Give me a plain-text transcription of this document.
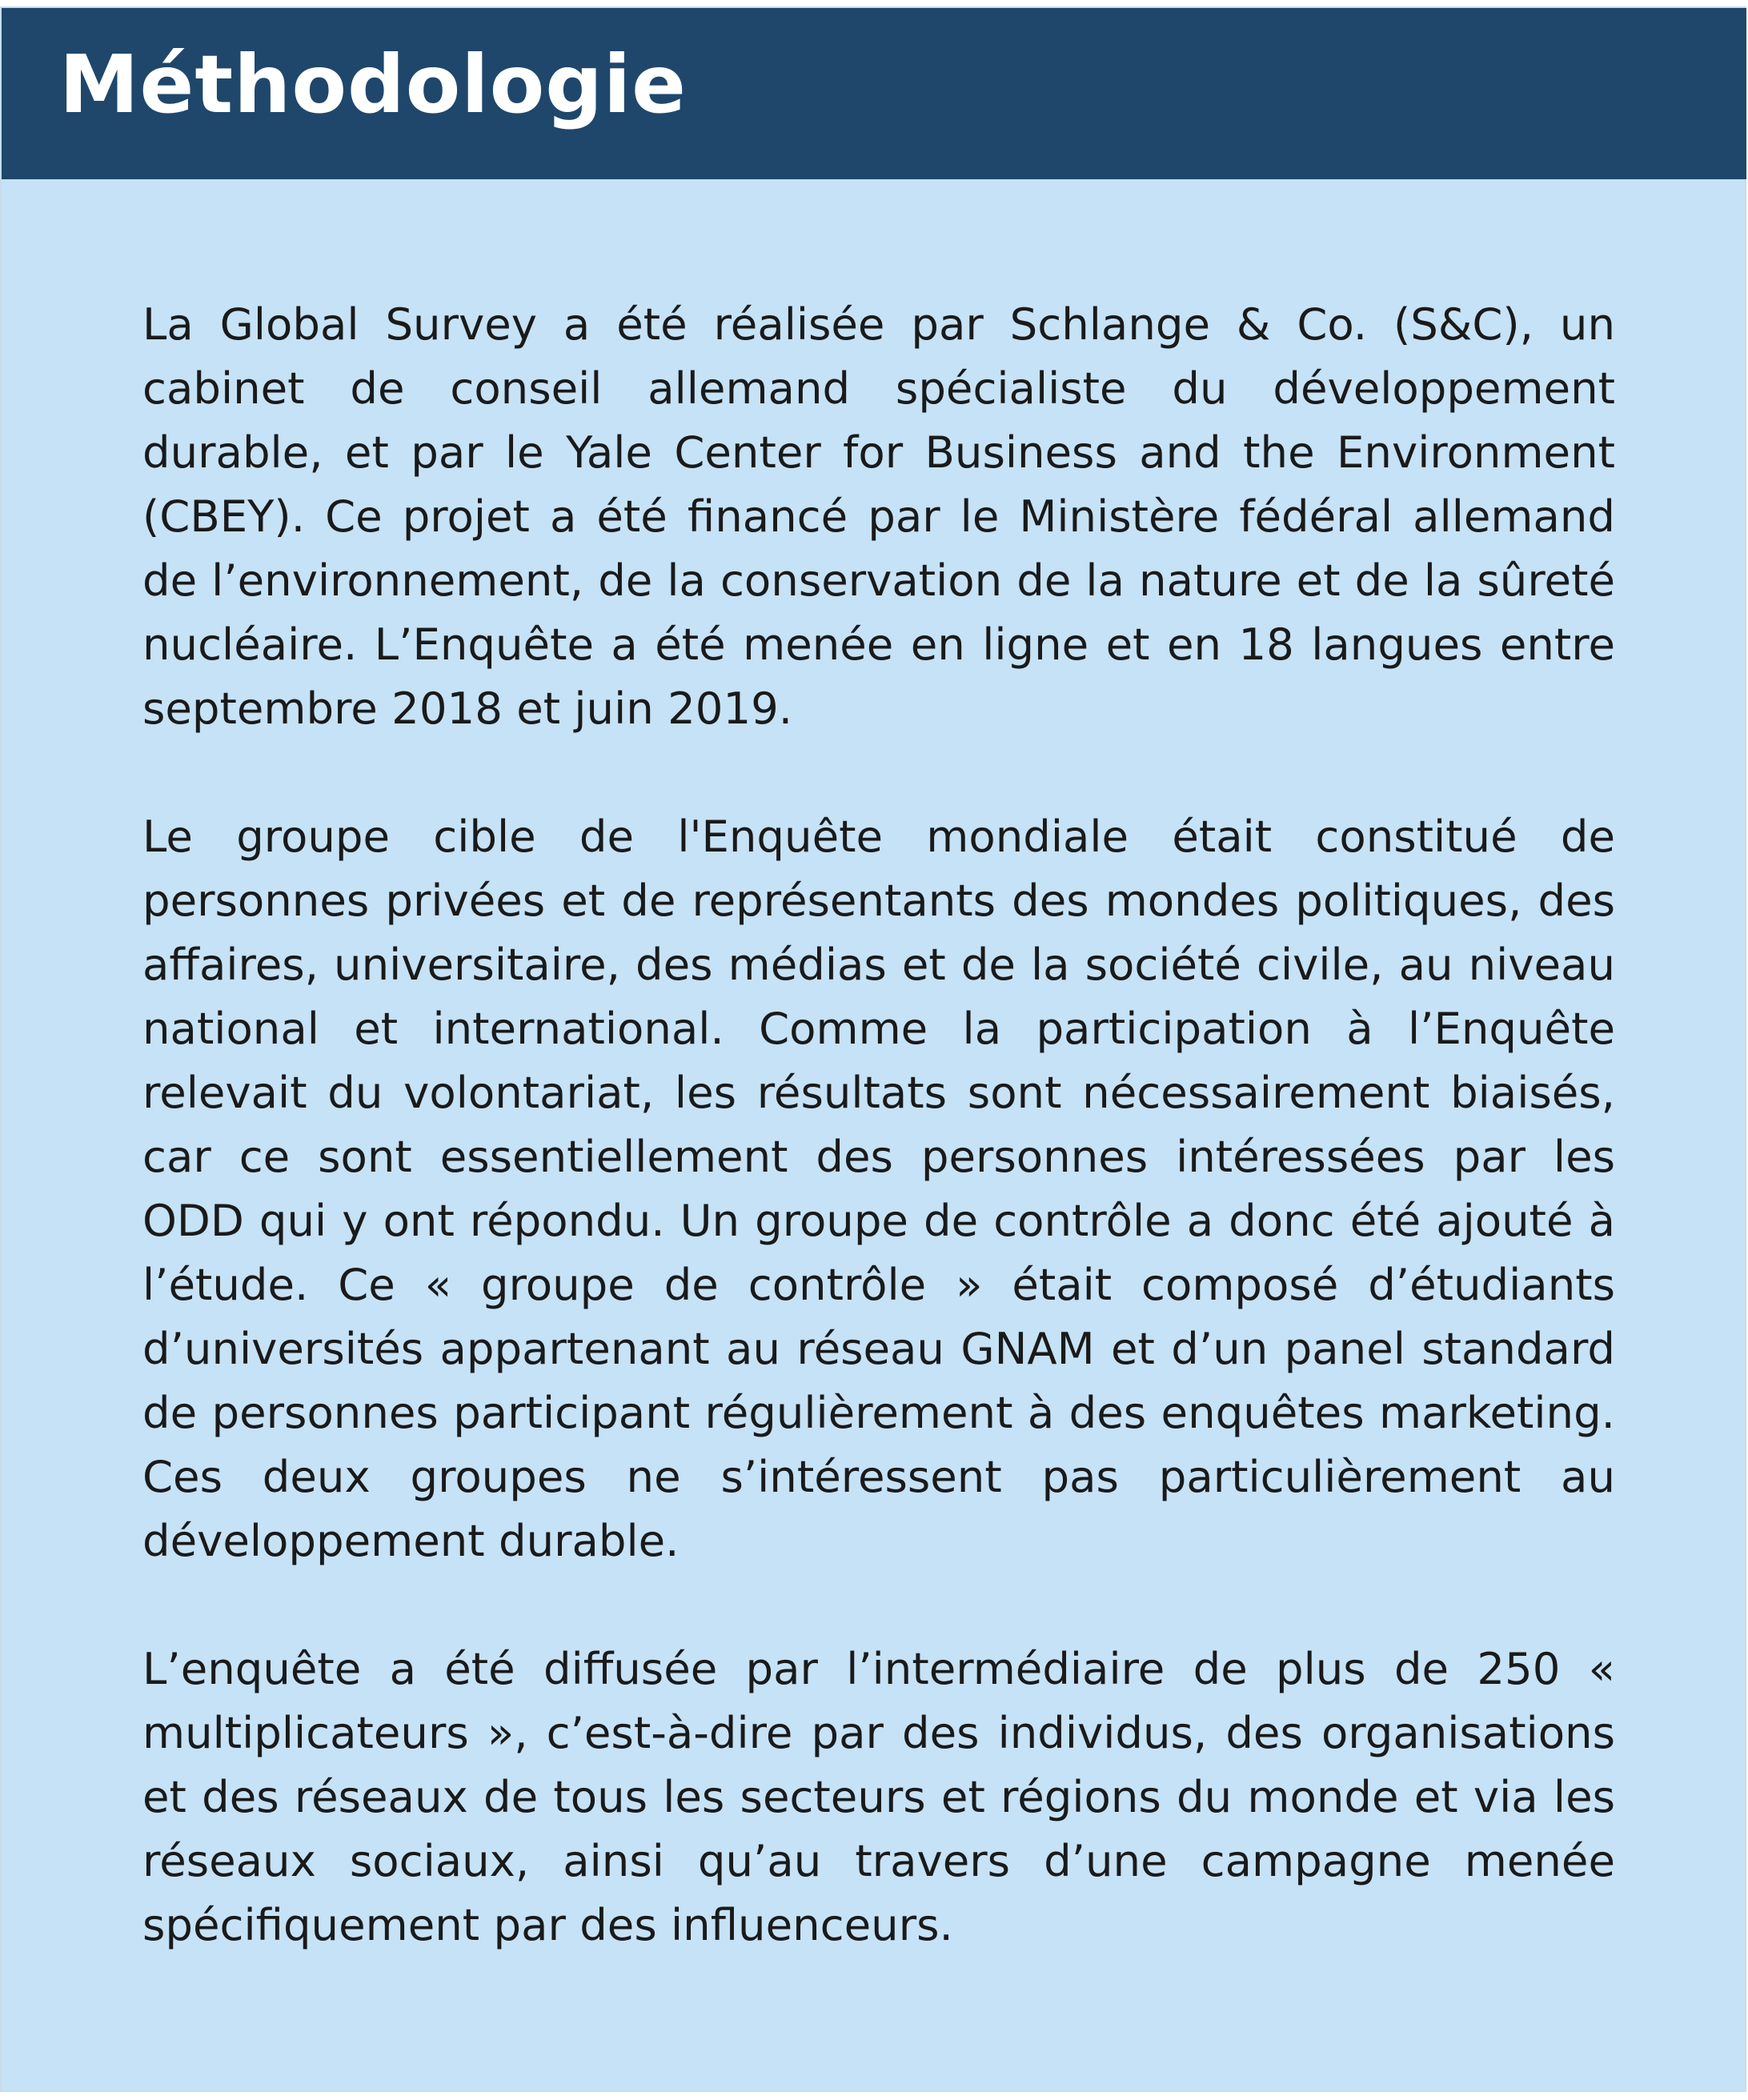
Méthodologie

La Global Survey a été réalisée par Schlange & Co. (S&C), un cabinet de conseil allemand spécialiste du développement durable, et par le Yale Center for Business and the Environment (CBEY). Ce projet a été financé par le Ministère fédéral allemand de l’environnement, de la conservation de la nature et de la sûreté nucléaire. L’Enquête a été menée en ligne et en 18 langues entre septembre 2018 et juin 2019.

Le groupe cible de l'Enquête mondiale était constitué de personnes privées et de représentants des mondes politiques, des affaires, universitaire, des médias et de la société civile, au niveau national et international. Comme la participation à l’Enquête relevait du volontariat, les résultats sont nécessairement biaisés, car ce sont essentiellement des personnes intéressées par les ODD qui y ont répondu. Un groupe de contrôle a donc été ajouté à l’étude. Ce « groupe de contrôle » était composé d’étudiants d’universités appartenant au réseau GNAM et d’un panel standard de personnes participant régulièrement à des enquêtes marketing. Ces deux groupes ne s’intéressent pas particulièrement au développement durable.

L’enquête a été diffusée par l’intermédiaire de plus de 250 « multiplicateurs », c’est-à-dire par des individus, des organisations et des réseaux de tous les secteurs et régions du monde et via les réseaux sociaux, ainsi qu’au travers d’une campagne menée spécifiquement par des influenceurs.
